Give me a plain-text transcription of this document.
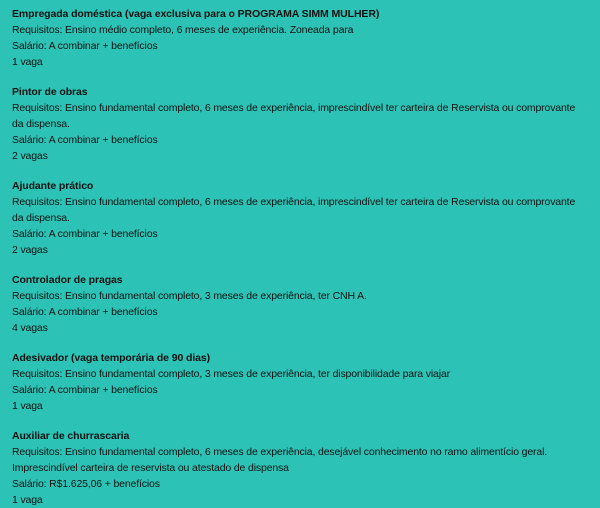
Empregada doméstica (vaga exclusiva para o PROGRAMA SIMM MULHER)
Requisitos: Ensino médio completo, 6 meses de experiência. Zoneada para
Salário: A combinar + benefícios
1 vaga
Pintor de obras
Requisitos: Ensino fundamental completo, 6 meses de experiência, imprescindível ter carteira de Reservista ou comprovante da dispensa.
Salário: A combinar + benefícios
2 vagas
Ajudante prático
Requisitos: Ensino fundamental completo, 6 meses de experiência, imprescindível ter carteira de Reservista ou comprovante da dispensa.
Salário: A combinar + benefícios
2 vagas
Controlador de pragas
Requisitos: Ensino fundamental completo, 3 meses de experiência, ter CNH A.
Salário: A combinar + benefícios
4 vagas
Adesivador (vaga temporária de 90 dias)
Requisitos: Ensino fundamental completo, 3 meses de experiência, ter disponibilidade para viajar
Salário: A combinar + benefícios
1 vaga
Auxiliar de churrascaria
Requisitos: Ensino fundamental completo, 6 meses de experiência, desejável conhecimento no ramo alimentício geral. Imprescindível carteira de reservista ou atestado de dispensa
Salário: R$1.625,06 + benefícios
1 vaga
